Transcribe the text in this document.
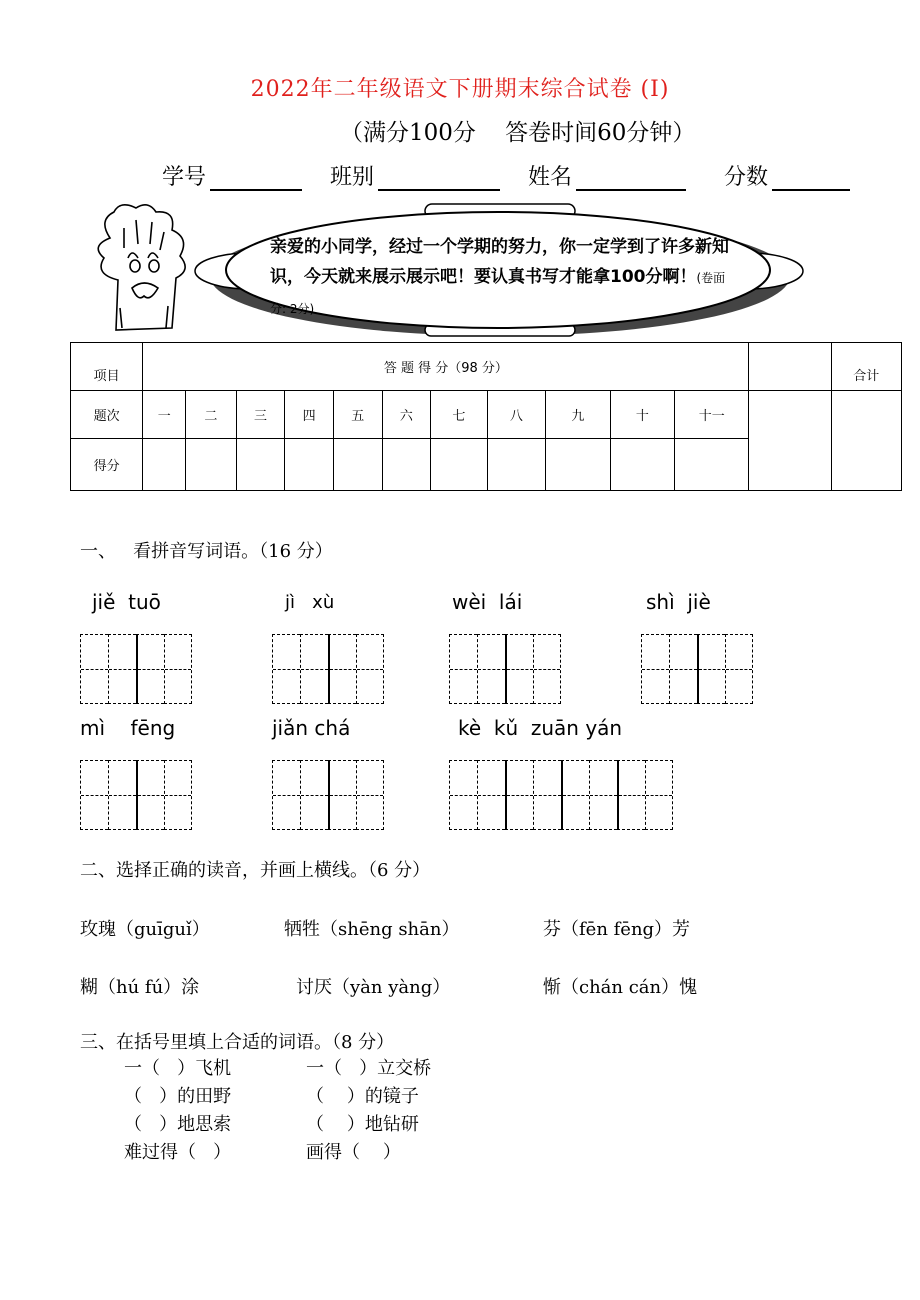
2022年二年级语文下册期末综合试卷 (I)
（满分100分    答卷时间60分钟）
学号	班别	姓名	分数
亲爱的小同学，经过一个学期的努力，你一定学到了许多新知识，今天就来展示展示吧！要认真书写才能拿100分啊！(卷面分: 2分)
项目	答 题 得 分（98 分）												合计
题次	一	二	三	四	五	六	七	八	九	十	十一		
得分													
一、   看拼音写词语。（16 分）
jiě  tuō	jì   xù	wèi  lái	shì  jiè
mì    fēng	jiǎn chá	kè  kǔ  zuān yán
二、选择正确的读音，并画上横线。（6 分）
玫瑰（guīguǐ）	牺牲（shēng shān）	芬（fēn fēng）芳
糊（hú fú）涂	讨厌（yàn yàng）	惭（chán cán）愧
三、在括号里填上合适的词语。（8 分）
一（   ）飞机	一（   ）立交桥
（   ）的田野	（    ）的镜子
（   ）地思索	（    ）地钻研
难过得（   ）	画得（    ）
